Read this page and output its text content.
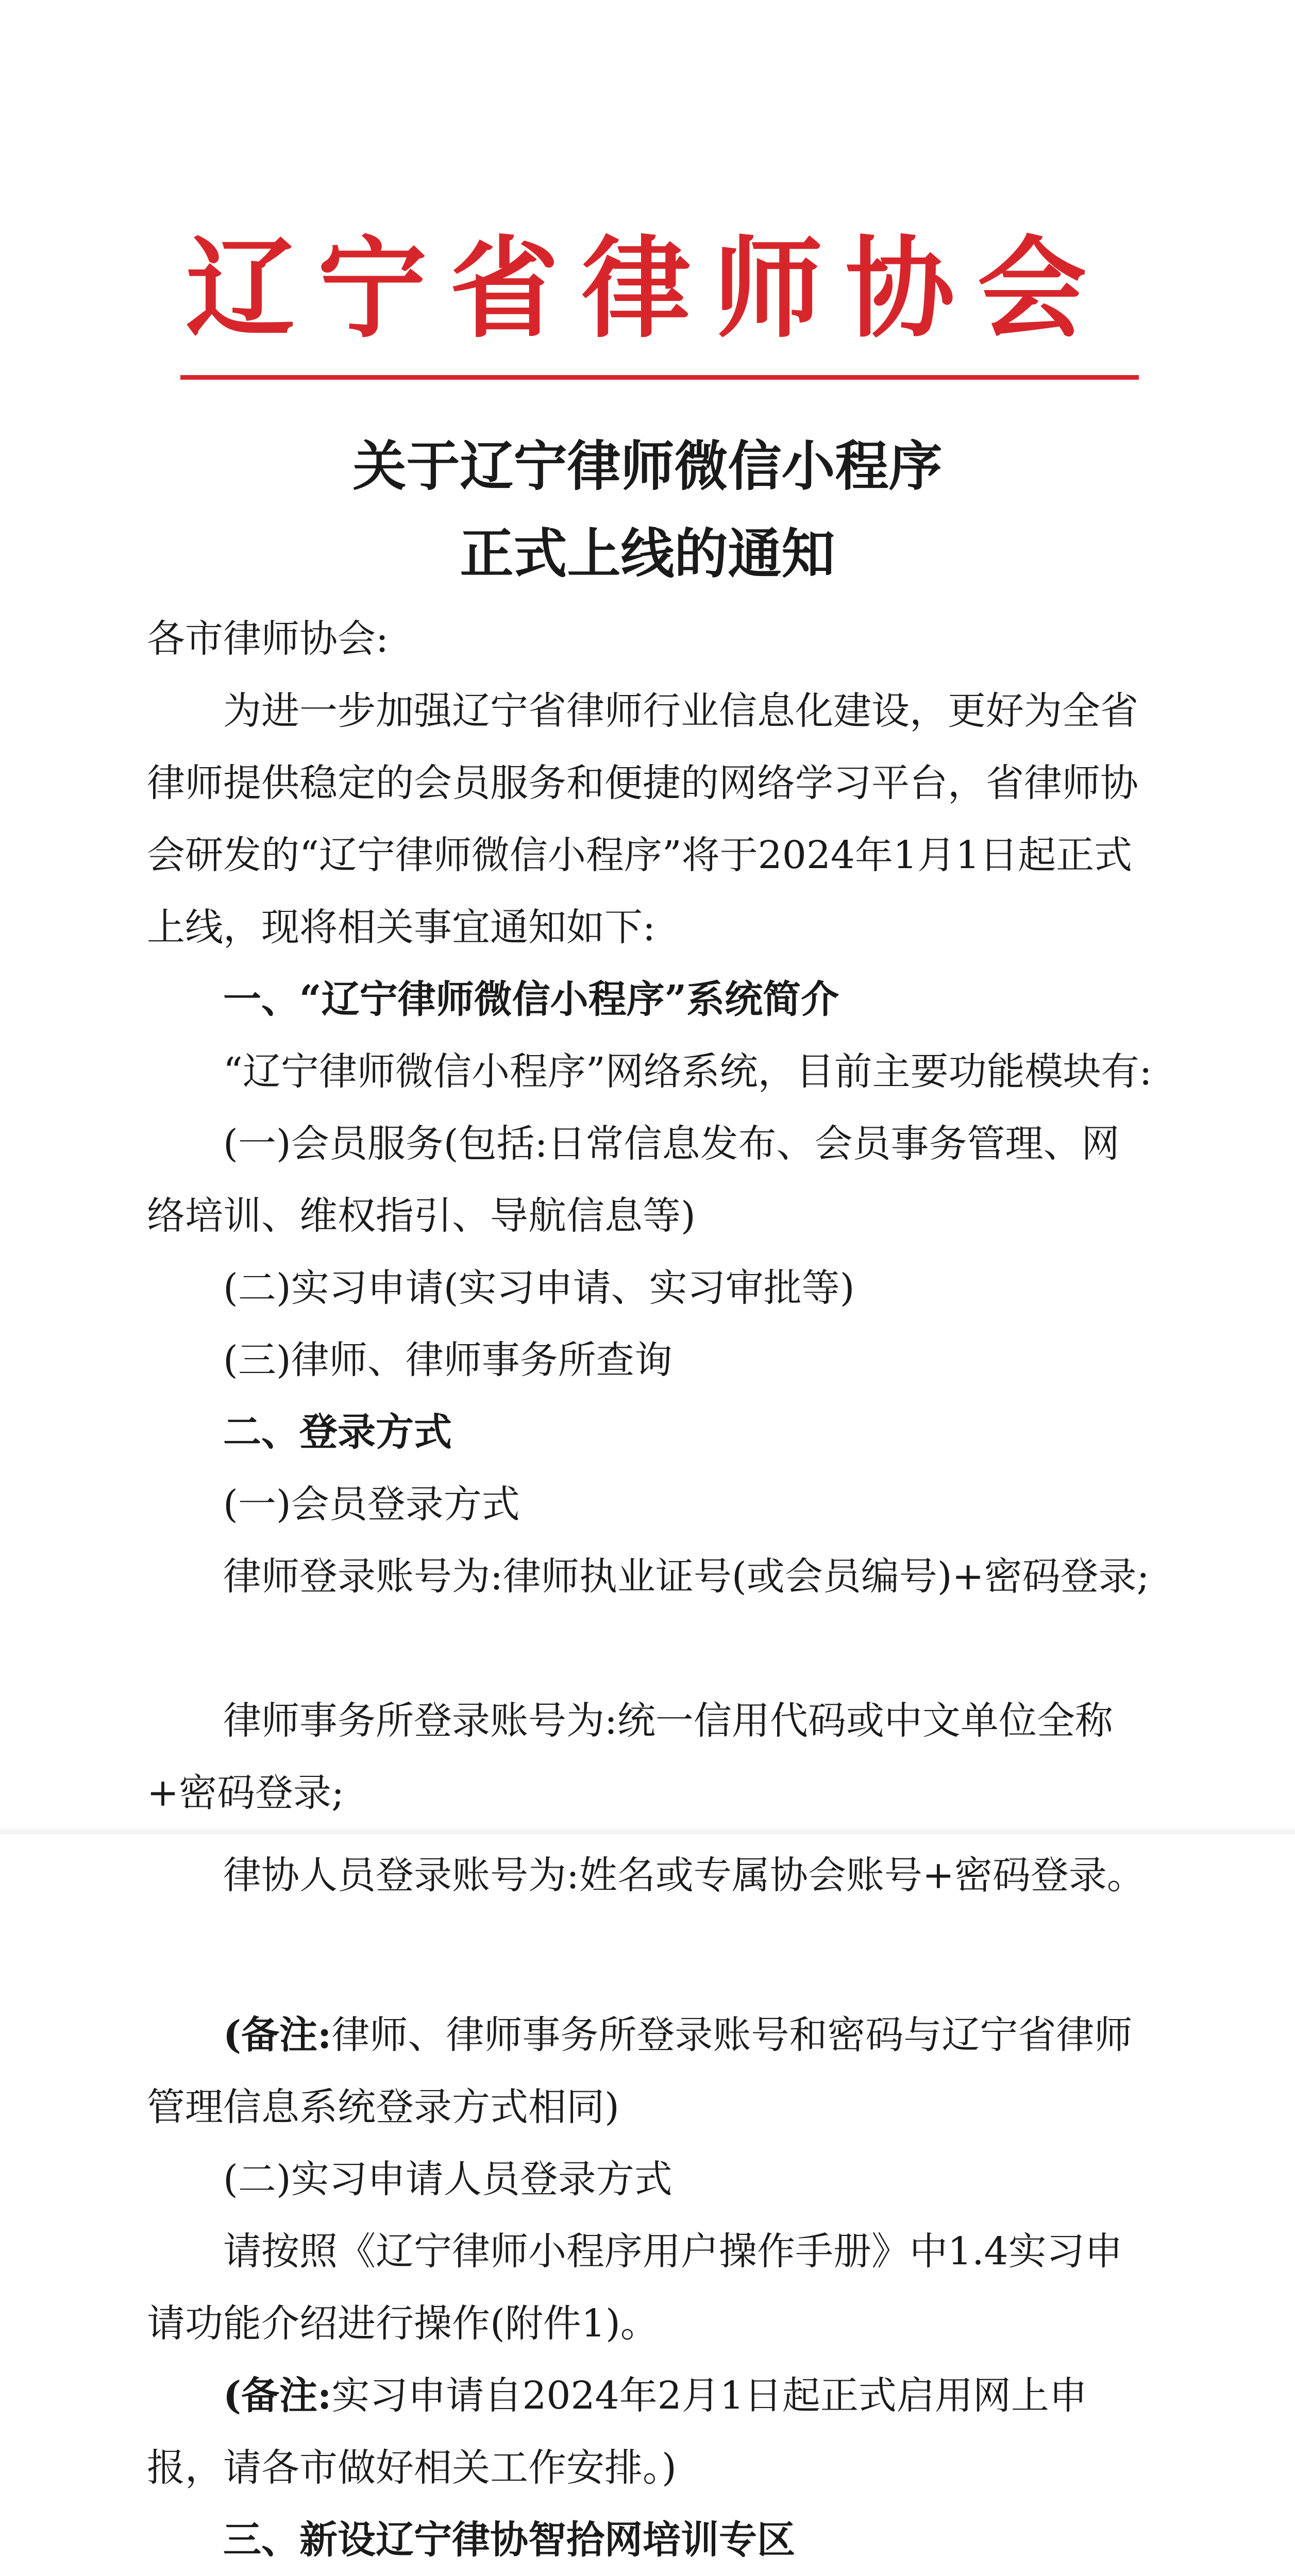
辽宁省律师协会
关于辽宁律师微信小程序
正式上线的通知
各市律师协会:
为进一步加强辽宁省律师行业信息化建设，更好为全省律师提供稳定的会员服务和便捷的网络学习平台，省律师协会研发的“辽宁律师微信小程序”将于2024年1月1日起正式上线，现将相关事宜通知如下:
一、“辽宁律师微信小程序”系统简介
“辽宁律师微信小程序”网络系统，目前主要功能模块有:
(一)会员服务(包括:日常信息发布、会员事务管理、网络培训、维权指引、导航信息等)
(二)实习申请(实习申请、实习审批等)
(三)律师、律师事务所查询
二、登录方式
(一)会员登录方式
律师登录账号为:律师执业证号(或会员编号)+密码登录;
律师事务所登录账号为:统一信用代码或中文单位全称+密码登录;
律协人员登录账号为:姓名或专属协会账号+密码登录。
(备注:律师、律师事务所登录账号和密码与辽宁省律师管理信息系统登录方式相同)
(二)实习申请人员登录方式
请按照《辽宁律师小程序用户操作手册》中1.4实习申请功能介绍进行操作(附件1)。
(备注:实习申请自2024年2月1日起正式启用网上申报，请各市做好相关工作安排。)
三、新设辽宁律协智拾网培训专区
